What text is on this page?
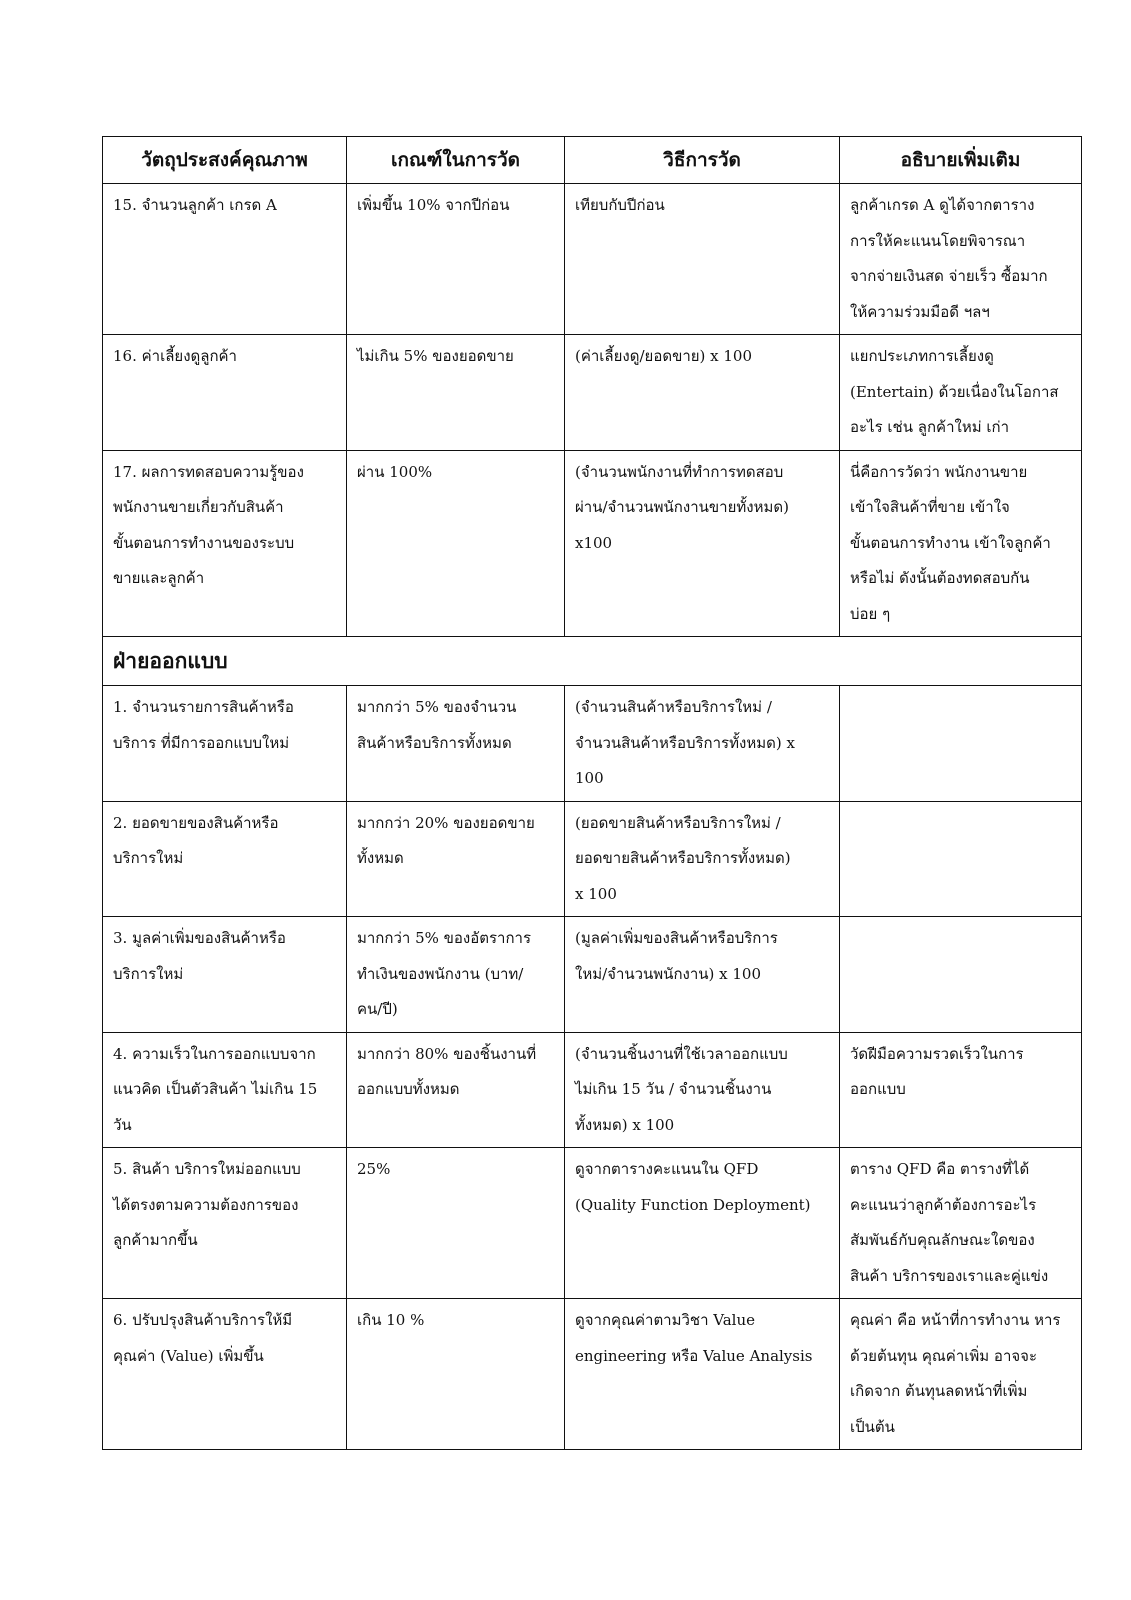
วัตถุประสงค์คุณภาพ	เกณฑ์ในการวัด	วิธีการวัด	อธิบายเพิ่มเติม

15. จำนวนลูกค้า เกรด A	เพิ่มขึ้น 10% จากปีก่อน	เทียบกับปีก่อน	ลูกค้าเกรด A ดูได้จากตาราง
การให้คะแนนโดยพิจารณา
จากจ่ายเงินสด จ่ายเร็ว ซื้อมาก
ให้ความร่วมมือดี ฯลฯ

16. ค่าเลี้ยงดูลูกค้า	ไม่เกิน 5% ของยอดขาย	(ค่าเลี้ยงดู/ยอดขาย) x 100	แยกประเภทการเลี้ยงดู
(Entertain) ด้วยเนื่องในโอกาส
อะไร เช่น ลูกค้าใหม่ เก่า

17. ผลการทดสอบความรู้ของ
พนักงานขายเกี่ยวกับสินค้า
ขั้นตอนการทำงานของระบบ
ขายและลูกค้า	ผ่าน 100%	(จำนวนพนักงานที่ทำการทดสอบ
ผ่าน/จำนวนพนักงานขายทั้งหมด)
x100	นี่คือการวัดว่า พนักงานขาย
เข้าใจสินค้าที่ขาย เข้าใจ
ขั้นตอนการทำงาน เข้าใจลูกค้า
หรือไม่ ดังนั้นต้องทดสอบกัน
บ่อย ๆ

ฝ่ายออกแบบ			

1. จำนวนรายการสินค้าหรือ
บริการ ที่มีการออกแบบใหม่	มากกว่า 5% ของจำนวน
สินค้าหรือบริการทั้งหมด	(จำนวนสินค้าหรือบริการใหม่ /
จำนวนสินค้าหรือบริการทั้งหมด) x
100	

2. ยอดขายของสินค้าหรือ
บริการใหม่	มากกว่า 20% ของยอดขาย
ทั้งหมด	(ยอดขายสินค้าหรือบริการใหม่ /
ยอดขายสินค้าหรือบริการทั้งหมด)
x 100	

3. มูลค่าเพิ่มของสินค้าหรือ
บริการใหม่	มากกว่า 5% ของอัตราการ
ทำเงินของพนักงาน (บาท/
คน/ปี)	(มูลค่าเพิ่มของสินค้าหรือบริการ
ใหม่/จำนวนพนักงาน) x 100	

4. ความเร็วในการออกแบบจาก
แนวคิด เป็นตัวสินค้า ไม่เกิน 15
วัน	มากกว่า 80% ของชิ้นงานที่
ออกแบบทั้งหมด	(จำนวนชิ้นงานที่ใช้เวลาออกแบบ
ไม่เกิน 15 วัน / จำนวนชิ้นงาน
ทั้งหมด) x 100	วัดฝีมือความรวดเร็วในการ
ออกแบบ

5. สินค้า บริการใหม่ออกแบบ
ได้ตรงตามความต้องการของ
ลูกค้ามากขึ้น	25%	ดูจากตารางคะแนนใน QFD
(Quality Function Deployment)	ตาราง QFD คือ ตารางที่ได้
คะแนนว่าลูกค้าต้องการอะไร
สัมพันธ์กับคุณลักษณะใดของ
สินค้า บริการของเราและคู่แข่ง

6. ปรับปรุงสินค้าบริการให้มี
คุณค่า (Value) เพิ่มขึ้น	เกิน 10 %	ดูจากคุณค่าตามวิชา Value
engineering หรือ Value Analysis	คุณค่า คือ หน้าที่การทำงาน หาร
ด้วยต้นทุน คุณค่าเพิ่ม อาจจะ
เกิดจาก ต้นทุนลดหน้าที่เพิ่ม
เป็นต้น
